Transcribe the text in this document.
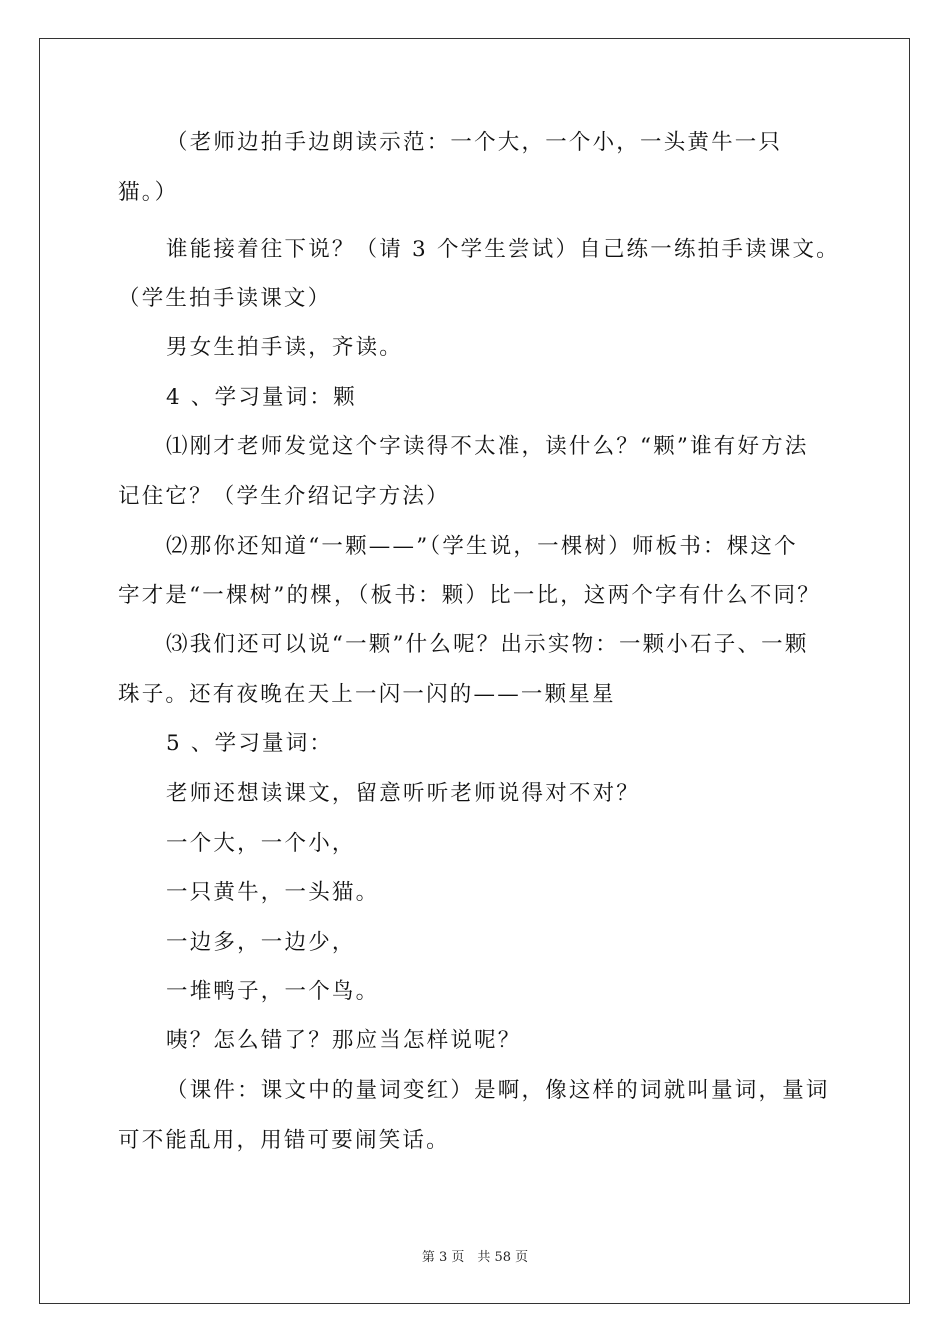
（老师边拍手边朗读示范：一个大，一个小，一头黄牛一只
猫。）
谁能接着往下说？（请 3 个学生尝试）自己练一练拍手读课文。
（学生拍手读课文）
男女生拍手读，齐读。
4 、学习量词：颗
⑴刚才老师发觉这个字读得不太准，读什么？“颗”谁有好方法
记住它？（学生介绍记字方法）
⑵那你还知道“一颗——”（学生说，一棵树）师板书：棵这个
字才是“一棵树”的棵，（板书：颗）比一比，这两个字有什么不同？
⑶我们还可以说“一颗”什么呢？出示实物：一颗小石子、一颗
珠子。还有夜晚在天上一闪一闪的——一颗星星
5 、学习量词：
老师还想读课文，留意听听老师说得对不对？
一个大，一个小，
一只黄牛，一头猫。
一边多，一边少，
一堆鸭子，一个鸟。
咦？怎么错了？那应当怎样说呢？
（课件：课文中的量词变红）是啊，像这样的词就叫量词，量词
可不能乱用，用错可要闹笑话。
第 3 页　共 58 页
